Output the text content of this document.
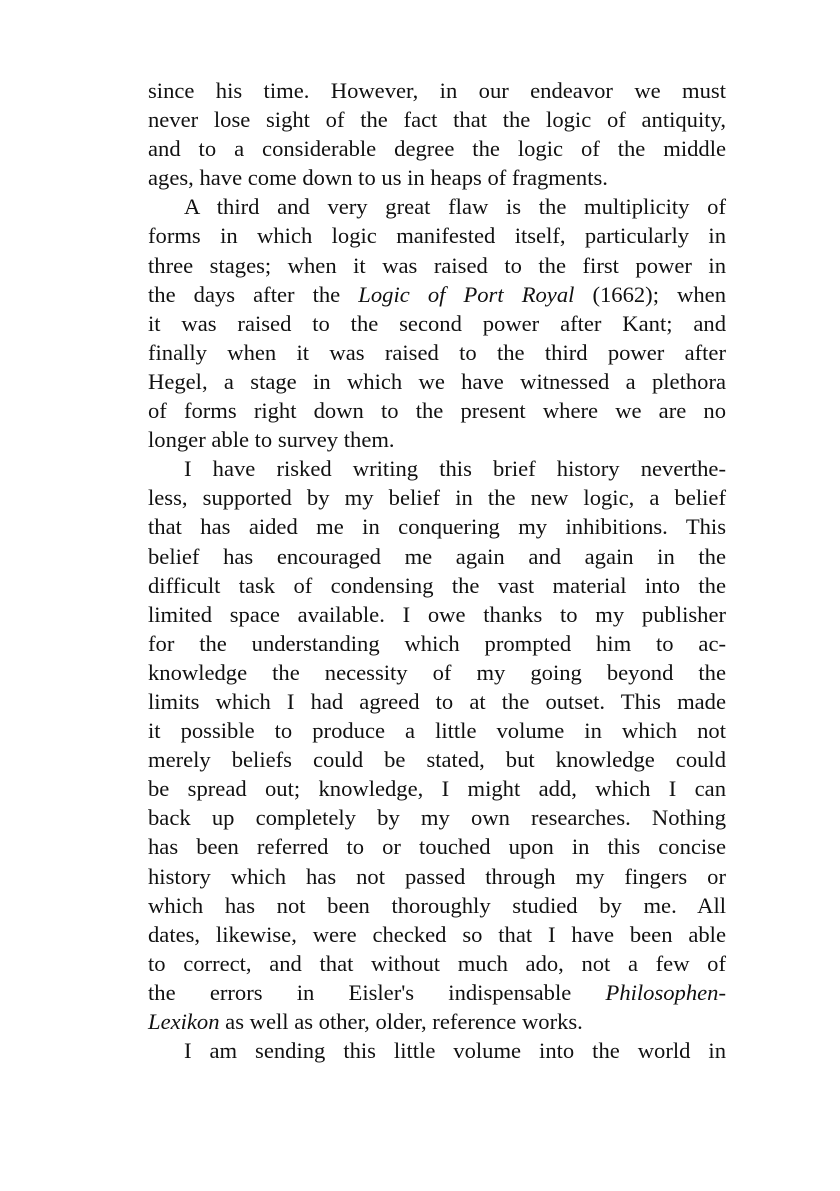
since his time. However, in our endeavor we must
never lose sight of the fact that the logic of antiquity,
and to a considerable degree the logic of the middle
ages, have come down to us in heaps of fragments.
A third and very great flaw is the multiplicity of
forms in which logic manifested itself, particularly in
three stages; when it was raised to the first power in
the days after the Logic of Port Royal (1662); when
it was raised to the second power after Kant; and
finally when it was raised to the third power after
Hegel, a stage in which we have witnessed a plethora
of forms right down to the present where we are no
longer able to survey them.
I have risked writing this brief history neverthe-
less, supported by my belief in the new logic, a belief
that has aided me in conquering my inhibitions. This
belief has encouraged me again and again in the
difficult task of condensing the vast material into the
limited space available. I owe thanks to my publisher
for the understanding which prompted him to ac-
knowledge the necessity of my going beyond the
limits which I had agreed to at the outset. This made
it possible to produce a little volume in which not
merely beliefs could be stated, but knowledge could
be spread out; knowledge, I might add, which I can
back up completely by my own researches. Nothing
has been referred to or touched upon in this concise
history which has not passed through my fingers or
which has not been thoroughly studied by me. All
dates, likewise, were checked so that I have been able
to correct, and that without much ado, not a few of
the errors in Eisler's indispensable Philosophen-
Lexikon as well as other, older, reference works.
I am sending this little volume into the world in
